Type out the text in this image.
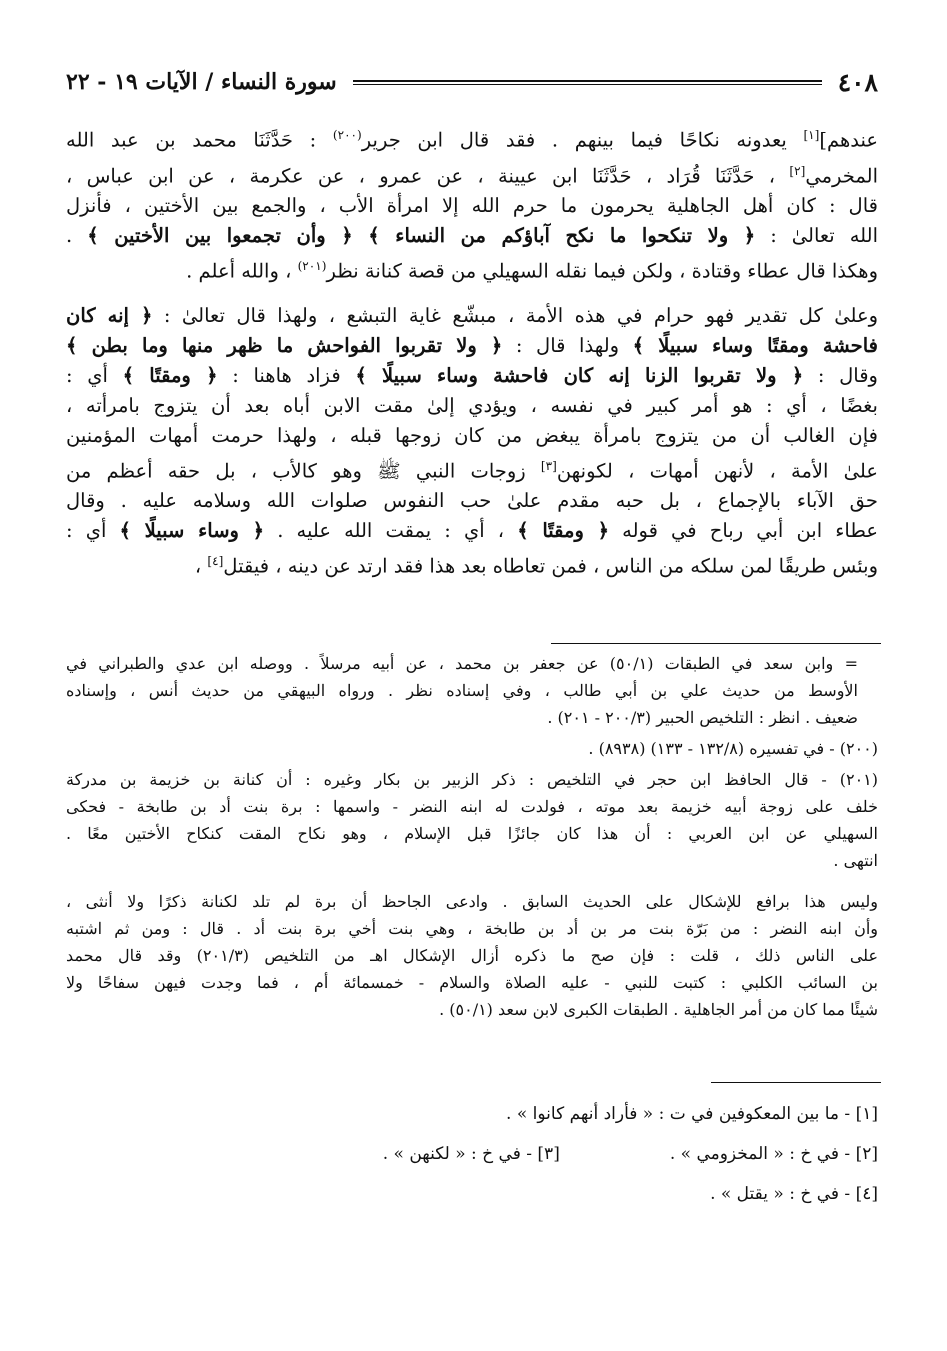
٤٠٨
سورة النساء / الآيات ١٩ - ٢٢

عندهم][١] يعدونه نكاحًا فيما بينهم . فقد قال ابن جرير$^{(٢٠٠)}$ : حَدَّثَنَا محمد بن عبد الله
المخرمي[٢] ، حَدَّثَنَا قُرَاد ، حَدَّثَنَا ابن عيينة ، عن عمرو ، عن عكرمة ، عن ابن عباس ،
قال : كان أهل الجاهلية يحرمون ما حرم الله إلا امرأة الأب ، والجمع بين الأختين ، فأنزل
الله تعالىٰ : ﴿ ولا تنكحوا ما نكح آباؤكم من النساء ﴾ ﴿ وأن تجمعوا بين الأختين ﴾ .
وهكذا قال عطاء وقتادة ، ولكن فيما نقله السهيلي من قصة كنانة نظر$^{(٢٠١)}$ ، والله أعلم .

وعلىٰ كل تقدير فهو حرام في هذه الأمة ، مبشّع غاية التبشع ، ولهذا قال تعالىٰ : ﴿ إنه كان
فاحشة ومقتًا وساء سبيلًا ﴾ ولهذا قال : ﴿ ولا تقربوا الفواحش ما ظهر منها وما بطن ﴾
وقال : ﴿ ولا تقربوا الزنا إنه كان فاحشة وساء سبيلًا ﴾ فزاد هاهنا : ﴿ ومقتًا ﴾ أي :
بغضًا ، أي : هو أمر كبير في نفسه ، ويؤدي إلىٰ مقت الابن أباه بعد أن يتزوج بامرأته ،
فإن الغالب أن من يتزوج بامرأة يبغض من كان زوجها قبله ، ولهذا حرمت أمهات المؤمنين
علىٰ الأمة ، لأنهن أمهات ، لكونهن[٣] زوجات النبي ﷺ وهو كالأب ، بل حقه أعظم من
حق الآباء بالإجماع ، بل حبه مقدم علىٰ حب النفوس صلوات الله وسلامه عليه . وقال
عطاء ابن أبي رباح في قوله ﴿ ومقتًا ﴾ ، أي : يمقت الله عليه . ﴿ وساء سبيلًا ﴾ أي :
وبئس طريقًا لمن سلكه من الناس ، فمن تعاطاه بعد هذا فقد ارتد عن دينه ، فيقتل[٤] ،

= وابن سعد في الطبقات (٥٠/١) عن جعفر بن محمد ، عن أبيه مرسلاً . ووصله ابن عدي والطبراني في
الأوسط من حديث علي بن أبي طالب ، وفي إسناده نظر . ورواه البيهقي من حديث أنس ، وإسناده
ضعيف . انظر : التلخيص الحبير (٢٠٠/٣ - ٢٠١) .

(٢٠٠) - في تفسيره (١٣٢/٨ - ١٣٣) (٨٩٣٨) .

(٢٠١) - قال الحافظ ابن حجر في التلخيص : ذكر الزبير بن بكار وغيره : أن كنانة بن خزيمة بن مدركة
خلف على زوجة أبيه خزيمة بعد موته ، فولدت له ابنه النضر - واسمها : برة بنت أد بن طابخة - فحكى
السهيلي عن ابن العربي : أن هذا كان جائزًا قبل الإسلام ، وهو نكاح المقت كنكاح الأختين معًا .
انتهى .

وليس هذا برافع للإشكال على الحديث السابق . وادعى الجاحظ أن برة لم تلد لكنانة ذكرًا ولا أنثى ،
وأن ابنه النضر : من بَرّة بنت مر بن أد بن طابخة ، وهي بنت أخي برة بنت أد . قال : ومن ثم اشتبه
على الناس ذلك ، قلت : فإن صح ما ذكره أزال الإشكال اهـ من التلخيص (٢٠١/٣) وقد قال محمد
بن السائب الكلبي : كتبت للنبي - عليه الصلاة والسلام - خمسمائة أم ، فما وجدت فيهن سفاحًا ولا
شيئًا مما كان من أمر الجاهلية . الطبقات الكبرى لابن سعد (٥٠/١) .

[١] - ما بين المعكوفين في ت : « فأراد أنهم كانوا » .
[٢] - في خ : « المخزومي » .
[٣] - في خ : « لكنهن » .
[٤] - في خ : « يقتل » .
